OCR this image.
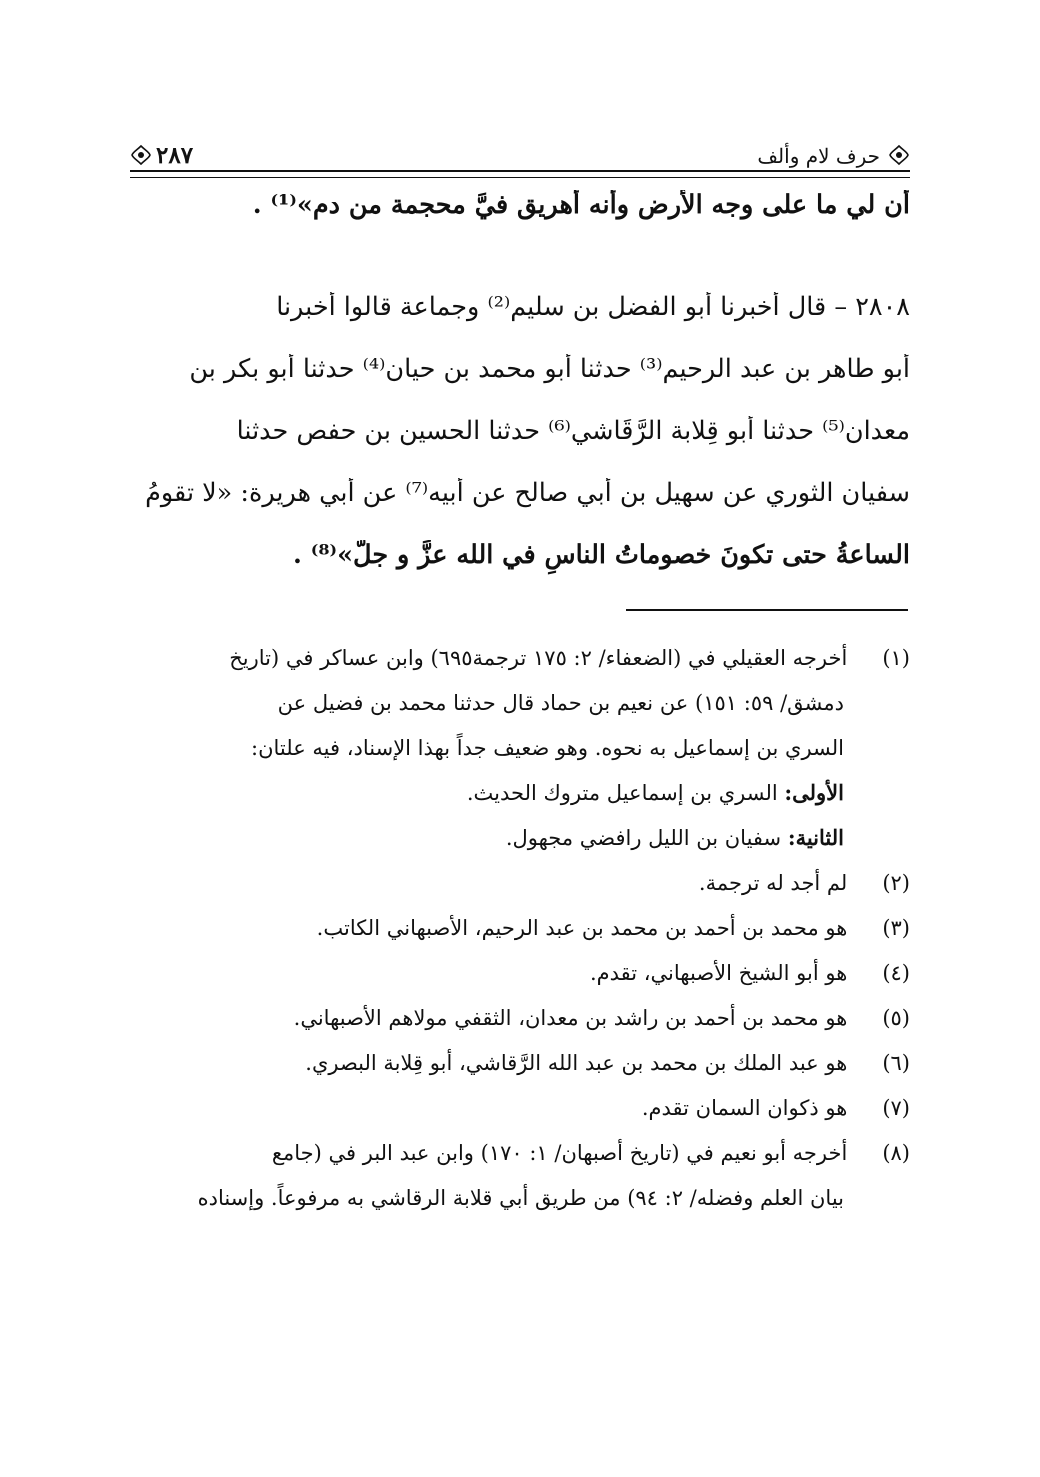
حرف لام وألف
٢٨٧
أن لي ما على وجه الأرض وأنه أهريق فيَّ محجمة من دم»⁽¹⁾ .
٢٨٠٨ – قال أخبرنا أبو الفضل بن سليم⁽²⁾ وجماعة قالوا أخبرنا
أبو طاهر بن عبد الرحيم⁽³⁾ حدثنا أبو محمد بن حيان⁽⁴⁾ حدثنا أبو بكر بن
معدان⁽⁵⁾ حدثنا أبو قِلابة الرَّقَاشي⁽⁶⁾ حدثنا الحسين بن حفص حدثنا
سفيان الثوري عن سهيل بن أبي صالح عن أبيه⁽⁷⁾ عن أبي هريرة: «لا تقومُ
الساعةُ حتى تكونَ خصوماتُ الناسِ في الله عزَّ و جلَّ»⁽⁸⁾ .
(١) أخرجه العقيلي في (الضعفاء/ ٢: ١٧٥ ترجمة٦٩٥) وابن عساكر في (تاريخ
دمشق/ ٥٩: ١٥١) عن نعيم بن حماد قال حدثنا محمد بن فضيل عن
السري بن إسماعيل به نحوه. وهو ضعيف جداً بهذا الإسناد، فيه علتان:
الأولى: السري بن إسماعيل متروك الحديث.
الثانية: سفيان بن الليل رافضي مجهول.
(٢) لم أجد له ترجمة.
(٣) هو محمد بن أحمد بن محمد بن عبد الرحيم، الأصبهاني الكاتب.
(٤) هو أبو الشيخ الأصبهاني، تقدم.
(٥) هو محمد بن أحمد بن راشد بن معدان، الثقفي مولاهم الأصبهاني.
(٦) هو عبد الملك بن محمد بن عبد الله الرَّقاشي، أبو قِلابة البصري.
(٧) هو ذكوان السمان تقدم.
(٨) أخرجه أبو نعيم في (تاريخ أصبهان/ ١: ١٧٠) وابن عبد البر في (جامع
بيان العلم وفضله/ ٢: ٩٤) من طريق أبي قلابة الرقاشي به مرفوعاً. وإسناده
